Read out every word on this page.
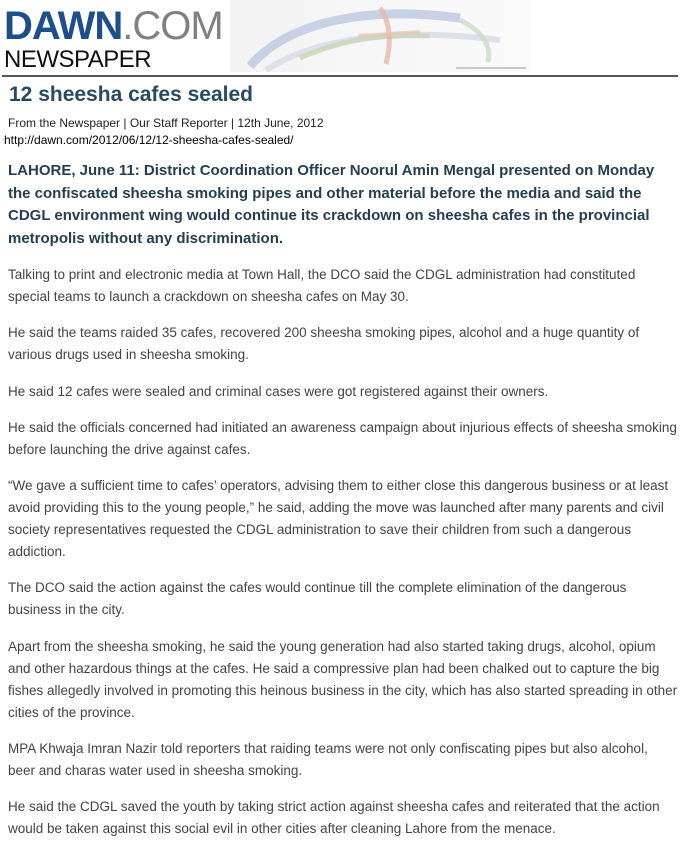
DAWN.COM
NEWSPAPER
12 sheesha cafes sealed
From the Newspaper | Our Staff Reporter | 12th June, 2012
http://dawn.com/2012/06/12/12-sheesha-cafes-sealed/

LAHORE, June 11: District Coordination Officer Noorul Amin Mengal presented on Monday the confiscated sheesha smoking pipes and other material before the media and said the CDGL environment wing would continue its crackdown on sheesha cafes in the provincial metropolis without any discrimination.

Talking to print and electronic media at Town Hall, the DCO said the CDGL administration had constituted special teams to launch a crackdown on sheesha cafes on May 30.

He said the teams raided 35 cafes, recovered 200 sheesha smoking pipes, alcohol and a huge quantity of various drugs used in sheesha smoking.

He said 12 cafes were sealed and criminal cases were got registered against their owners.

He said the officials concerned had initiated an awareness campaign about injurious effects of sheesha smoking before launching the drive against cafes.

“We gave a sufficient time to cafes’ operators, advising them to either close this dangerous business or at least avoid providing this to the young people,” he said, adding the move was launched after many parents and civil society representatives requested the CDGL administration to save their children from such a dangerous addiction.

The DCO said the action against the cafes would continue till the complete elimination of the dangerous business in the city.

Apart from the sheesha smoking, he said the young generation had also started taking drugs, alcohol, opium and other hazardous things at the cafes. He said a compressive plan had been chalked out to capture the big fishes allegedly involved in promoting this heinous business in the city, which has also started spreading in other cities of the province.

MPA Khwaja Imran Nazir told reporters that raiding teams were not only confiscating pipes but also alcohol, beer and charas water used in sheesha smoking.

He said the CDGL saved the youth by taking strict action against sheesha cafes and reiterated that the action would be taken against this social evil in other cities after cleaning Lahore from the menace.
